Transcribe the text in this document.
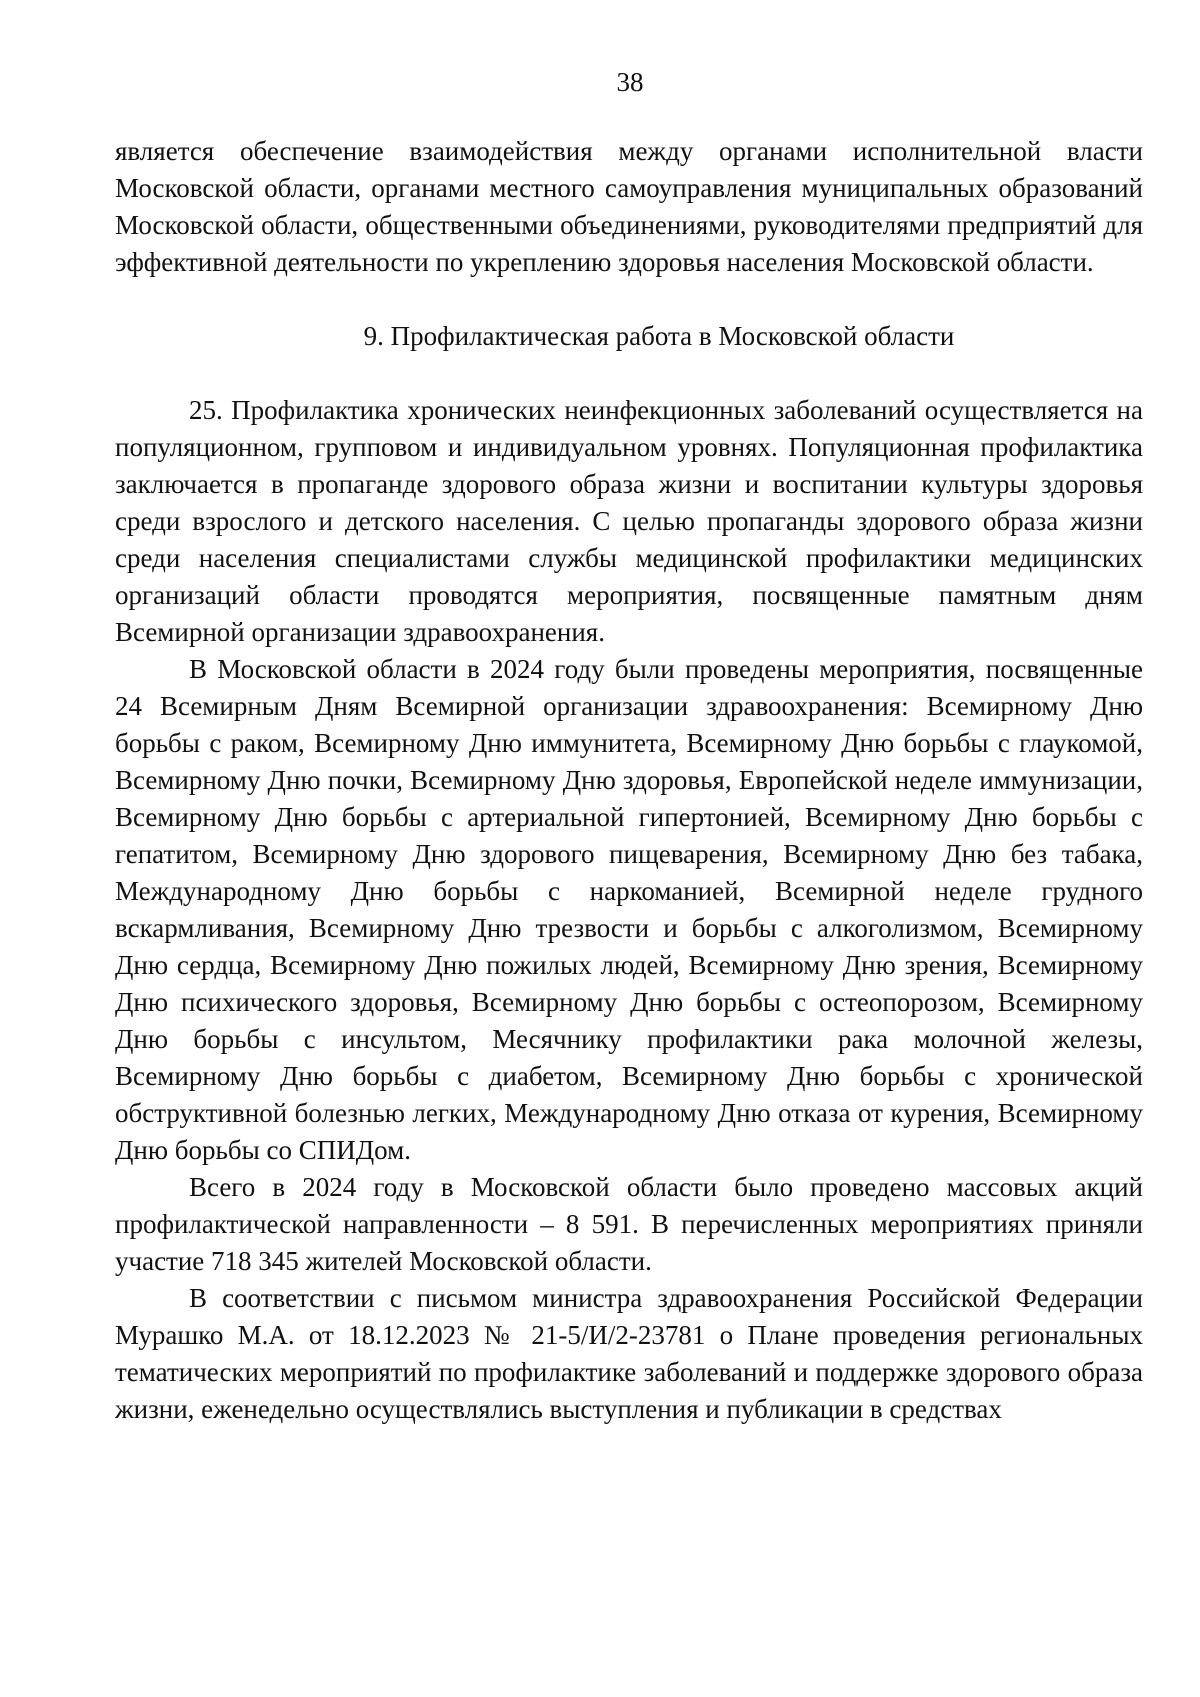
38

является обеспечение взаимодействия между органами исполнительной власти Московской области, органами местного самоуправления муниципальных образований Московской области, общественными объединениями, руководителями предприятий для эффективной деятельности по укреплению здоровья населения Московской области.

9. Профилактическая работа в Московской области

25. Профилактика хронических неинфекционных заболеваний осуществляется на популяционном, групповом и индивидуальном уровнях. Популяционная профилактика заключается в пропаганде здорового образа жизни и воспитании культуры здоровья среди взрослого и детского населения. С целью пропаганды здорового образа жизни среди населения специалистами службы медицинской профилактики медицинских организаций области проводятся мероприятия, посвященные памятным дням Всемирной организации здравоохранения.

В Московской области в 2024 году были проведены мероприятия, посвященные 24 Всемирным Дням Всемирной организации здравоохранения: Всемирному Дню борьбы с раком, Всемирному Дню иммунитета, Всемирному Дню борьбы с глаукомой, Всемирному Дню почки, Всемирному Дню здоровья, Европейской неделе иммунизации, Всемирному Дню борьбы с артериальной гипертонией, Всемирному Дню борьбы с гепатитом, Всемирному Дню здорового пищеварения, Всемирному Дню без табака, Международному Дню борьбы с наркоманией, Всемирной неделе грудного вскармливания, Всемирному Дню трезвости и борьбы с алкоголизмом, Всемирному Дню сердца, Всемирному Дню пожилых людей, Всемирному Дню зрения, Всемирному Дню психического здоровья, Всемирному Дню борьбы с остеопорозом, Всемирному Дню борьбы с инсультом, Месячнику профилактики рака молочной железы, Всемирному Дню борьбы с диабетом, Всемирному Дню борьбы с хронической обструктивной болезнью легких, Международному Дню отказа от курения, Всемирному Дню борьбы со СПИДом.

Всего в 2024 году в Московской области было проведено массовых акций профилактической направленности – 8 591. В перечисленных мероприятиях приняли участие 718 345 жителей Московской области.

В соответствии с письмом министра здравоохранения Российской Федерации Мурашко М.А. от 18.12.2023 № 21-5/И/2-23781 о Плане проведения региональных тематических мероприятий по профилактике заболеваний и поддержке здорового образа жизни, еженедельно осуществлялись выступления и публикации в средствах
